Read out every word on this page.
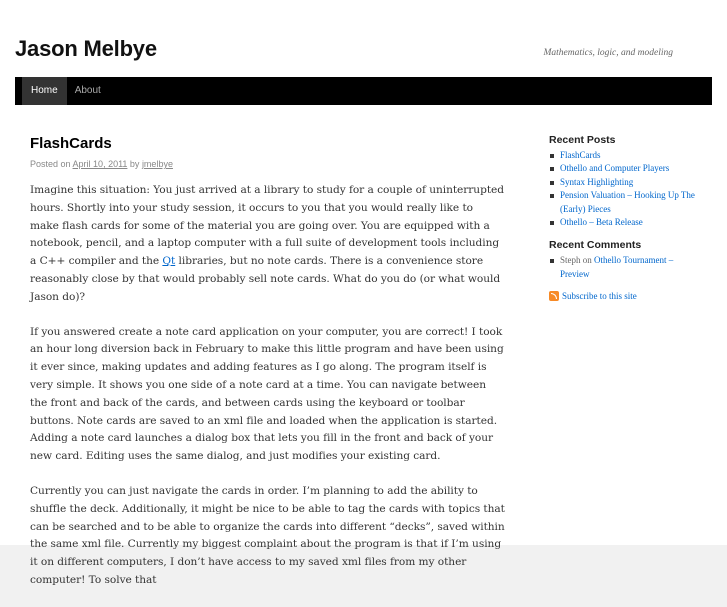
Jason Melbye	Mathematics, logic, and modeling
Home	About
FlashCards
Posted on April 10, 2011 by jmelbye

Imagine this situation: You just arrived at a library to study for a couple of uninterrupted hours. Shortly into your study session, it occurs to you that you would really like to make flash cards for some of the material you are going over. You are equipped with a notebook, pencil, and a laptop computer with a full suite of development tools including a C++ compiler and the Qt libraries, but no note cards. There is a convenience store reasonably close by that would probably sell note cards. What do you do (or what would Jason do)?

If you answered create a note card application on your computer, you are correct! I took an hour long diversion back in February to make this little program and have been using it ever since, making updates and adding features as I go along. The program itself is very simple. It shows you one side of a note card at a time. You can navigate between the front and back of the cards, and between cards using the keyboard or toolbar buttons. Note cards are saved to an xml file and loaded when the application is started. Adding a note card launches a dialog box that lets you fill in the front and back of your new card. Editing uses the same dialog, and just modifies your existing card.

Currently you can just navigate the cards in order. I’m planning to add the ability to shuffle the deck. Additionally, it might be nice to be able to tag the cards with topics that can be searched and to be able to organize the cards into different “decks”, saved within the same xml file. Currently my biggest complaint about the program is that if I’m using it on different computers, I don’t have access to my saved xml files from my other computer! To solve that

Recent Posts
FlashCards
Othello and Computer Players
Syntax Highlighting
Pension Valuation – Hooking Up The (Early) Pieces
Othello – Beta Release
Recent Comments
Steph on Othello Tournament – Preview
Subscribe to this site
